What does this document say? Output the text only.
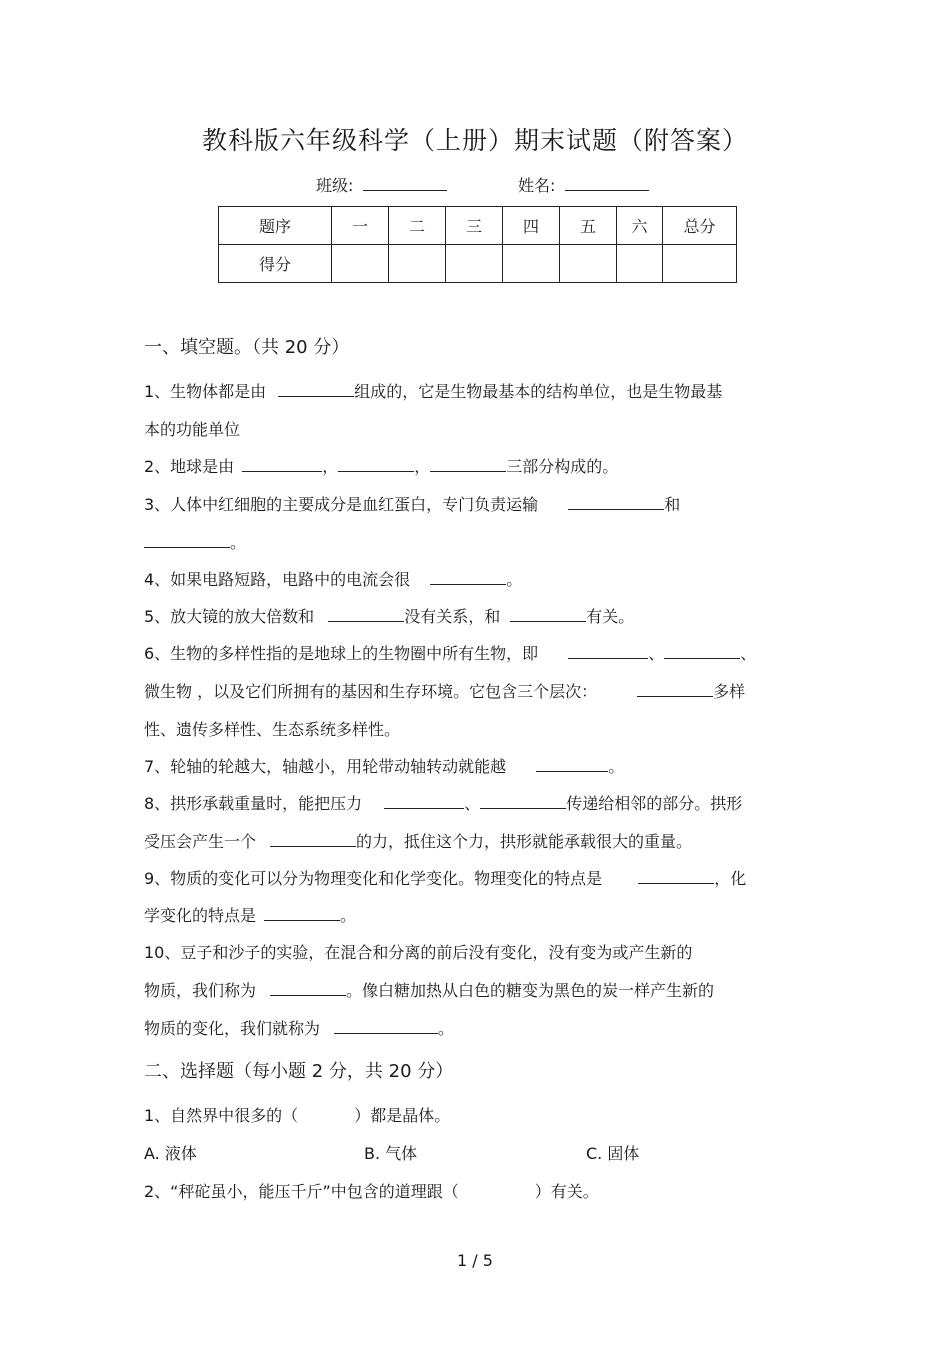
教科版六年级科学（上册）期末试题（附答案）
班级:	姓名:
题序	一	二	三	四	五	六	总分
得分							
一、填空题。（共 20 分）
1、生物体都是由	组成的，它是生物最基本的结构单位，也是生物最基
本的功能单位
2、地球是由	，	，	三部分构成的。
3、人体中红细胞的主要成分是血红蛋白，专门负责运输	和
。
4、如果电路短路，电路中的电流会很	。
5、放大镜的放大倍数和	没有关系，和	有关。
6、生物的多样性指的是地球上的生物圈中所有生物，即	、	、
微生物 ，以及它们所拥有的基因和生存环境。它包含三个层次：	多样
性、遗传多样性、生态系统多样性。
7、轮轴的轮越大，轴越小，用轮带动轴转动就能越	。
8、拱形承载重量时，能把压力	、	传递给相邻的部分。拱形
受压会产生一个	的力，抵住这个力，拱形就能承载很大的重量。
9、物质的变化可以分为物理变化和化学变化。物理变化的特点是	，化
学变化的特点是	。
10、豆子和沙子的实验，在混合和分离的前后没有变化，没有变为或产生新的
物质，我们称为	。像白糖加热从白色的糖变为黑色的炭一样产生新的
物质的变化，我们就称为	。
二、选择题（每小题 2 分，共 20 分）
1、自然界中很多的（	）都是晶体。
A. 液体	B. 气体	C. 固体
2、“秤砣虽小，能压千斤”中包含的道理跟（	）有关。
1 / 5
